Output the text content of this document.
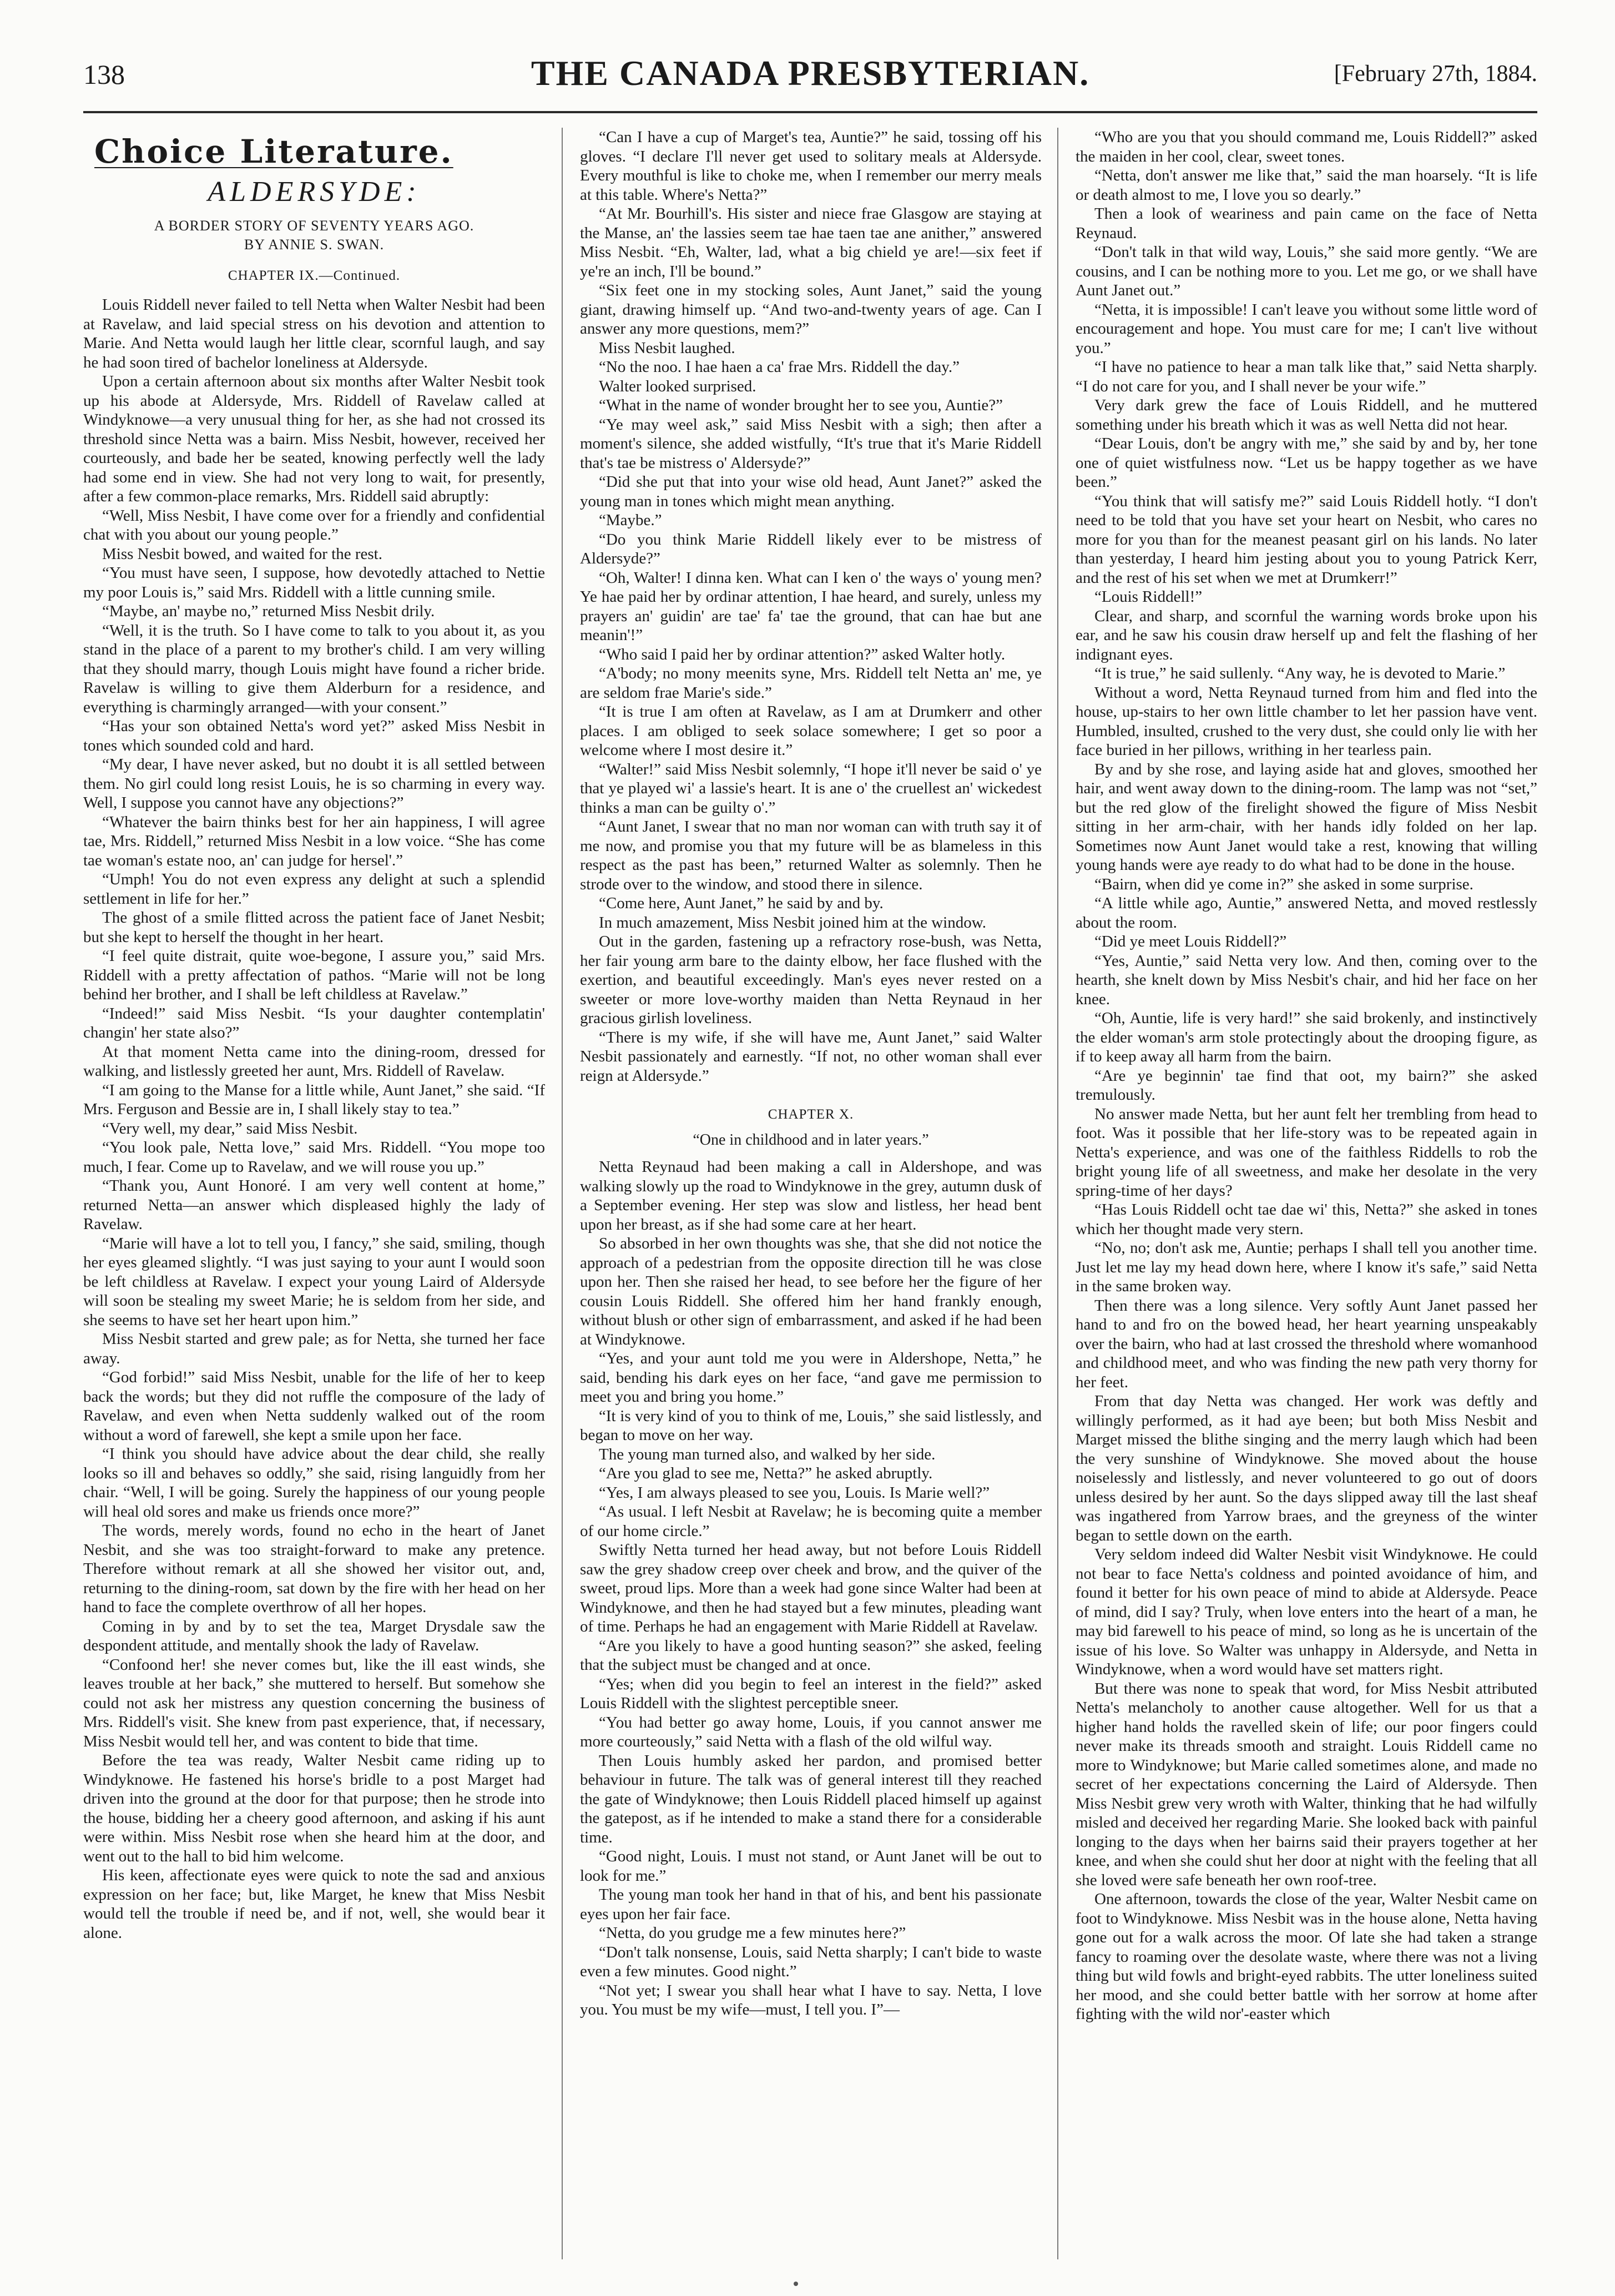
138	THE CANADA PRESBYTERIAN.	[February 27th, 1884.
Choice Literature.
ALDERSYDE:

A BORDER STORY OF SEVENTY YEARS AGO.

BY ANNIE S. SWAN.

CHAPTER IX.—Continued.

Louis Riddell never failed to tell Netta when Walter Nesbit had been at Ravelaw, and laid special stress on his devotion and attention to Marie. And Netta would laugh her little clear, scornful laugh, and say he had soon tired of bachelor loneliness at Aldersyde.

Upon a certain afternoon about six months after Walter Nesbit took up his abode at Aldersyde, Mrs. Riddell of Ravelaw called at Windyknowe—a very unusual thing for her, as she had not crossed its threshold since Netta was a bairn. Miss Nesbit, however, received her courteously, and bade her be seated, knowing perfectly well the lady had some end in view. She had not very long to wait, for presently, after a few common-place remarks, Mrs. Riddell said abruptly:

“Well, Miss Nesbit, I have come over for a friendly and confidential chat with you about our young people.”

Miss Nesbit bowed, and waited for the rest.

“You must have seen, I suppose, how devotedly attached to Nettie my poor Louis is,” said Mrs. Riddell with a little cunning smile.

“Maybe, an' maybe no,” returned Miss Nesbit drily.

“Well, it is the truth. So I have come to talk to you about it, as you stand in the place of a parent to my brother's child. I am very willing that they should marry, though Louis might have found a richer bride. Ravelaw is willing to give them Alderburn for a residence, and everything is charmingly arranged—with your consent.”

“Has your son obtained Netta's word yet?” asked Miss Nesbit in tones which sounded cold and hard.

“My dear, I have never asked, but no doubt it is all settled between them. No girl could long resist Louis, he is so charming in every way. Well, I suppose you cannot have any objections?”

“Whatever the bairn thinks best for her ain happiness, I will agree tae, Mrs. Riddell,” returned Miss Nesbit in a low voice. “She has come tae woman's estate noo, an' can judge for hersel'.”

“Umph! You do not even express any delight at such a splendid settlement in life for her.”

The ghost of a smile flitted across the patient face of Janet Nesbit; but she kept to herself the thought in her heart.

“I feel quite distrait, quite woe-begone, I assure you,” said Mrs. Riddell with a pretty affectation of pathos. “Marie will not be long behind her brother, and I shall be left childless at Ravelaw.”

“Indeed!” said Miss Nesbit. “Is your daughter contemplatin' changin' her state also?”

At that moment Netta came into the dining-room, dressed for walking, and listlessly greeted her aunt, Mrs. Riddell of Ravelaw.

“I am going to the Manse for a little while, Aunt Janet,” she said. “If Mrs. Ferguson and Bessie are in, I shall likely stay to tea.”

“Very well, my dear,” said Miss Nesbit.

“You look pale, Netta love,” said Mrs. Riddell. “You mope too much, I fear. Come up to Ravelaw, and we will rouse you up.”

“Thank you, Aunt Honoré. I am very well content at home,” returned Netta—an answer which displeased highly the lady of Ravelaw.

“Marie will have a lot to tell you, I fancy,” she said, smiling, though her eyes gleamed slightly. “I was just saying to your aunt I would soon be left childless at Ravelaw. I expect your young Laird of Aldersyde will soon be stealing my sweet Marie; he is seldom from her side, and she seems to have set her heart upon him.”

Miss Nesbit started and grew pale; as for Netta, she turned her face away.

“God forbid!” said Miss Nesbit, unable for the life of her to keep back the words; but they did not ruffle the composure of the lady of Ravelaw, and even when Netta suddenly walked out of the room without a word of farewell, she kept a smile upon her face.

“I think you should have advice about the dear child, she really looks so ill and behaves so oddly,” she said, rising languidly from her chair. “Well, I will be going. Surely the happiness of our young people will heal old sores and make us friends once more?”

The words, merely words, found no echo in the heart of Janet Nesbit, and she was too straight-forward to make any pretence. Therefore without remark at all she showed her visitor out, and, returning to the dining-room, sat down by the fire with her head on her hand to face the complete overthrow of all her hopes.

Coming in by and by to set the tea, Marget Drysdale saw the despondent attitude, and mentally shook the lady of Ravelaw.

“Confoond her! she never comes but, like the ill east winds, she leaves trouble at her back,” she muttered to herself. But somehow she could not ask her mistress any question concerning the business of Mrs. Riddell's visit. She knew from past experience, that, if necessary, Miss Nesbit would tell her, and was content to bide that time.

Before the tea was ready, Walter Nesbit came riding up to Windyknowe. He fastened his horse's bridle to a post Marget had driven into the ground at the door for that purpose; then he strode into the house, bidding her a cheery good afternoon, and asking if his aunt were within. Miss Nesbit rose when she heard him at the door, and went out to the hall to bid him welcome.

His keen, affectionate eyes were quick to note the sad and anxious expression on her face; but, like Marget, he knew that Miss Nesbit would tell the trouble if need be, and if not, well, she would bear it alone.

“Can I have a cup of Marget's tea, Auntie?” he said, tossing off his gloves. “I declare I'll never get used to solitary meals at Aldersyde. Every mouthful is like to choke me, when I remember our merry meals at this table. Where's Netta?”

“At Mr. Bourhill's. His sister and niece frae Glasgow are staying at the Manse, an' the lassies seem tae hae taen tae ane anither,” answered Miss Nesbit. “Eh, Walter, lad, what a big chield ye are!—six feet if ye're an inch, I'll be bound.”

“Six feet one in my stocking soles, Aunt Janet,” said the young giant, drawing himself up. “And two-and-twenty years of age. Can I answer any more questions, mem?”

Miss Nesbit laughed.

“No the noo. I hae haen a ca' frae Mrs. Riddell the day.”

Walter looked surprised.

“What in the name of wonder brought her to see you, Auntie?”

“Ye may weel ask,” said Miss Nesbit with a sigh; then after a moment's silence, she added wistfully, “It's true that it's Marie Riddell that's tae be mistress o' Aldersyde?”

“Did she put that into your wise old head, Aunt Janet?” asked the young man in tones which might mean anything.

“Maybe.”

“Do you think Marie Riddell likely ever to be mistress of Aldersyde?”

“Oh, Walter! I dinna ken. What can I ken o' the ways o' young men? Ye hae paid her by ordinar attention, I hae heard, and surely, unless my prayers an' guidin' are tae' fa' tae the ground, that can hae but ane meanin'!”

“Who said I paid her by ordinar attention?” asked Walter hotly.

“A'body; no mony meenits syne, Mrs. Riddell telt Netta an' me, ye are seldom frae Marie's side.”

“It is true I am often at Ravelaw, as I am at Drumkerr and other places. I am obliged to seek solace somewhere; I get so poor a welcome where I most desire it.”

“Walter!” said Miss Nesbit solemnly, “I hope it'll never be said o' ye that ye played wi' a lassie's heart. It is ane o' the cruellest an' wickedest thinks a man can be guilty o'.”

“Aunt Janet, I swear that no man nor woman can with truth say it of me now, and promise you that my future will be as blameless in this respect as the past has been,” returned Walter as solemnly. Then he strode over to the window, and stood there in silence.

“Come here, Aunt Janet,” he said by and by.

In much amazement, Miss Nesbit joined him at the window.

Out in the garden, fastening up a refractory rose-bush, was Netta, her fair young arm bare to the dainty elbow, her face flushed with the exertion, and beautiful exceedingly. Man's eyes never rested on a sweeter or more love-worthy maiden than Netta Reynaud in her gracious girlish loveliness.

“There is my wife, if she will have me, Aunt Janet,” said Walter Nesbit passionately and earnestly. “If not, no other woman shall ever reign at Aldersyde.”

CHAPTER X.
“One in childhood and in later years.”

Netta Reynaud had been making a call in Aldershope, and was walking slowly up the road to Windyknowe in the grey, autumn dusk of a September evening. Her step was slow and listless, her head bent upon her breast, as if she had some care at her heart.

So absorbed in her own thoughts was she, that she did not notice the approach of a pedestrian from the opposite direction till he was close upon her. Then she raised her head, to see before her the figure of her cousin Louis Riddell. She offered him her hand frankly enough, without blush or other sign of embarrassment, and asked if he had been at Windyknowe.

“Yes, and your aunt told me you were in Aldershope, Netta,” he said, bending his dark eyes on her face, “and gave me permission to meet you and bring you home.”

“It is very kind of you to think of me, Louis,” she said listlessly, and began to move on her way.

The young man turned also, and walked by her side.

“Are you glad to see me, Netta?” he asked abruptly.

“Yes, I am always pleased to see you, Louis. Is Marie well?”

“As usual. I left Nesbit at Ravelaw; he is becoming quite a member of our home circle.”

Swiftly Netta turned her head away, but not before Louis Riddell saw the grey shadow creep over cheek and brow, and the quiver of the sweet, proud lips. More than a week had gone since Walter had been at Windyknowe, and then he had stayed but a few minutes, pleading want of time. Perhaps he had an engagement with Marie Riddell at Ravelaw.

“Are you likely to have a good hunting season?” she asked, feeling that the subject must be changed and at once.

“Yes; when did you begin to feel an interest in the field?” asked Louis Riddell with the slightest perceptible sneer.

“You had better go away home, Louis, if you cannot answer me more courteously,” said Netta with a flash of the old wilful way.

Then Louis humbly asked her pardon, and promised better behaviour in future. The talk was of general interest till they reached the gate of Windyknowe; then Louis Riddell placed himself up against the gatepost, as if he intended to make a stand there for a considerable time.

“Good night, Louis. I must not stand, or Aunt Janet will be out to look for me.”

The young man took her hand in that of his, and bent his passionate eyes upon her fair face.

“Netta, do you grudge me a few minutes here?”

“Don't talk nonsense, Louis, said Netta sharply; I can't bide to waste even a few minutes. Good night.”

“Not yet; I swear you shall hear what I have to say. Netta, I love you. You must be my wife—must, I tell you. I”—

“Who are you that you should command me, Louis Riddell?” asked the maiden in her cool, clear, sweet tones.

“Netta, don't answer me like that,” said the man hoarsely. “It is life or death almost to me, I love you so dearly.”

Then a look of weariness and pain came on the face of Netta Reynaud.

“Don't talk in that wild way, Louis,” she said more gently. “We are cousins, and I can be nothing more to you. Let me go, or we shall have Aunt Janet out.”

“Netta, it is impossible! I can't leave you without some little word of encouragement and hope. You must care for me; I can't live without you.”

“I have no patience to hear a man talk like that,” said Netta sharply. “I do not care for you, and I shall never be your wife.”

Very dark grew the face of Louis Riddell, and he muttered something under his breath which it was as well Netta did not hear.

“Dear Louis, don't be angry with me,” she said by and by, her tone one of quiet wistfulness now. “Let us be happy together as we have been.”

“You think that will satisfy me?” said Louis Riddell hotly. “I don't need to be told that you have set your heart on Nesbit, who cares no more for you than for the meanest peasant girl on his lands. No later than yesterday, I heard him jesting about you to young Patrick Kerr, and the rest of his set when we met at Drumkerr!”

“Louis Riddell!”

Clear, and sharp, and scornful the warning words broke upon his ear, and he saw his cousin draw herself up and felt the flashing of her indignant eyes.

“It is true,” he said sullenly. “Any way, he is devoted to Marie.”

Without a word, Netta Reynaud turned from him and fled into the house, up-stairs to her own little chamber to let her passion have vent. Humbled, insulted, crushed to the very dust, she could only lie with her face buried in her pillows, writhing in her tearless pain.

By and by she rose, and laying aside hat and gloves, smoothed her hair, and went away down to the dining-room. The lamp was not “set,” but the red glow of the firelight showed the figure of Miss Nesbit sitting in her arm-chair, with her hands idly folded on her lap. Sometimes now Aunt Janet would take a rest, knowing that willing young hands were aye ready to do what had to be done in the house.

“Bairn, when did ye come in?” she asked in some surprise.

“A little while ago, Auntie,” answered Netta, and moved restlessly about the room.

“Did ye meet Louis Riddell?”

“Yes, Auntie,” said Netta very low. And then, coming over to the hearth, she knelt down by Miss Nesbit's chair, and hid her face on her knee.

“Oh, Auntie, life is very hard!” she said brokenly, and instinctively the elder woman's arm stole protectingly about the drooping figure, as if to keep away all harm from the bairn.

“Are ye beginnin' tae find that oot, my bairn?” she asked tremulously.

No answer made Netta, but her aunt felt her trembling from head to foot. Was it possible that her life-story was to be repeated again in Netta's experience, and was one of the faithless Riddells to rob the bright young life of all sweetness, and make her desolate in the very spring-time of her days?

“Has Louis Riddell ocht tae dae wi' this, Netta?” she asked in tones which her thought made very stern.

“No, no; don't ask me, Auntie; perhaps I shall tell you another time. Just let me lay my head down here, where I know it's safe,” said Netta in the same broken way.

Then there was a long silence. Very softly Aunt Janet passed her hand to and fro on the bowed head, her heart yearning unspeakably over the bairn, who had at last crossed the threshold where womanhood and childhood meet, and who was finding the new path very thorny for her feet.

From that day Netta was changed. Her work was deftly and willingly performed, as it had aye been; but both Miss Nesbit and Marget missed the blithe singing and the merry laugh which had been the very sunshine of Windyknowe. She moved about the house noiselessly and listlessly, and never volunteered to go out of doors unless desired by her aunt. So the days slipped away till the last sheaf was ingathered from Yarrow braes, and the greyness of the winter began to settle down on the earth.

Very seldom indeed did Walter Nesbit visit Windyknowe. He could not bear to face Netta's coldness and pointed avoidance of him, and found it better for his own peace of mind to abide at Aldersyde. Peace of mind, did I say? Truly, when love enters into the heart of a man, he may bid farewell to his peace of mind, so long as he is uncertain of the issue of his love. So Walter was unhappy in Aldersyde, and Netta in Windyknowe, when a word would have set matters right.

But there was none to speak that word, for Miss Nesbit attributed Netta's melancholy to another cause altogether. Well for us that a higher hand holds the ravelled skein of life; our poor fingers could never make its threads smooth and straight. Louis Riddell came no more to Windyknowe; but Marie called sometimes alone, and made no secret of her expectations concerning the Laird of Aldersyde. Then Miss Nesbit grew very wroth with Walter, thinking that he had wilfully misled and deceived her regarding Marie. She looked back with painful longing to the days when her bairns said their prayers together at her knee, and when she could shut her door at night with the feeling that all she loved were safe beneath her own roof-tree.

One afternoon, towards the close of the year, Walter Nesbit came on foot to Windyknowe. Miss Nesbit was in the house alone, Netta having gone out for a walk across the moor. Of late she had taken a strange fancy to roaming over the desolate waste, where there was not a living thing but wild fowls and bright-eyed rabbits. The utter loneliness suited her mood, and she could better battle with her sorrow at home after fighting with the wild nor'-easter which
